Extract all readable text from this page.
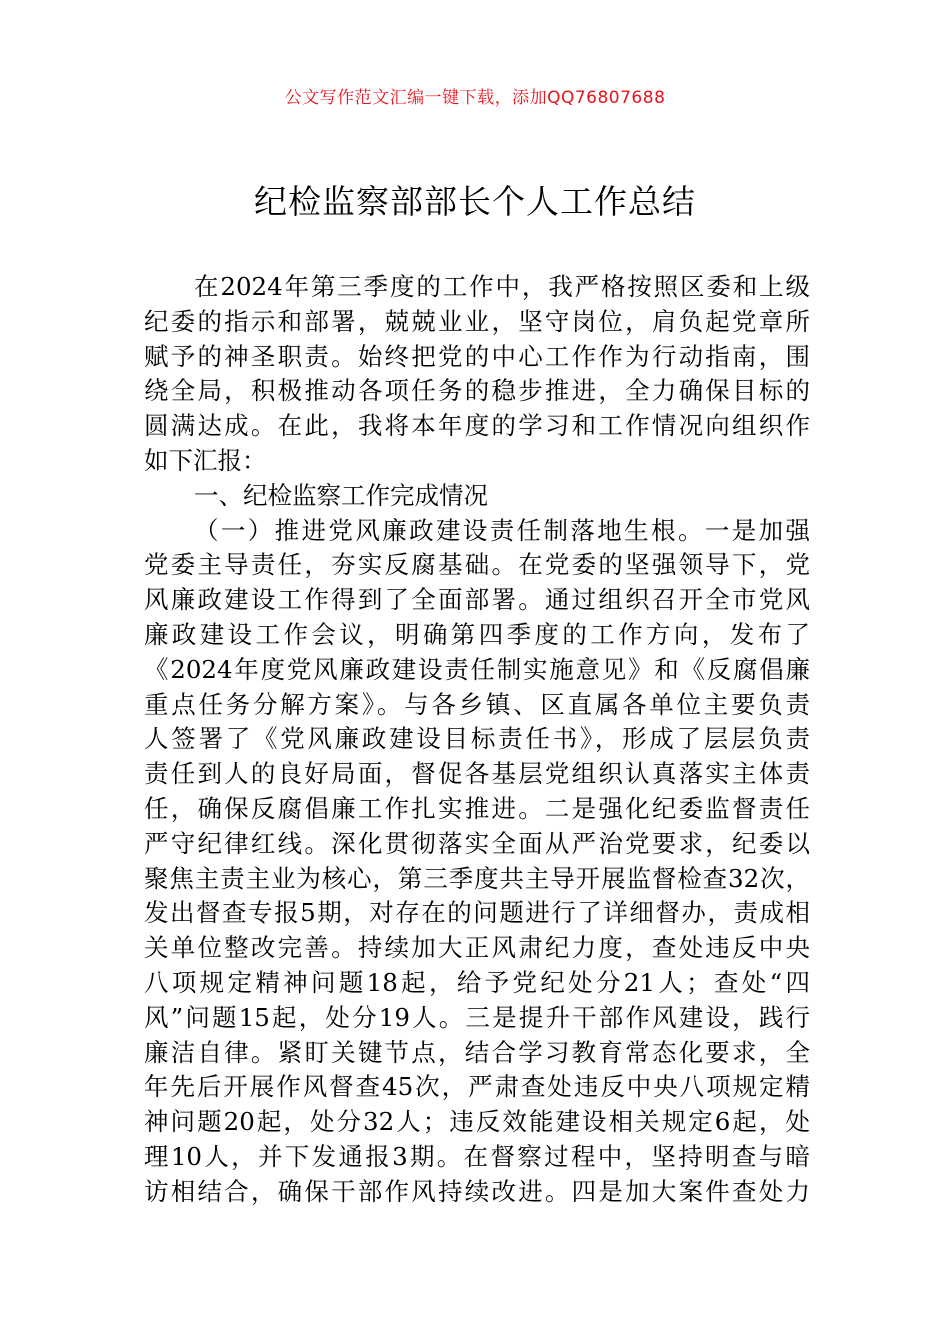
公文写作范文汇编一键下载，添加QQ76807688
纪检监察部部长个人工作总结
在2024年第三季度的工作中，我严格按照区委和上级
纪委的指示和部署，兢兢业业，坚守岗位，肩负起党章所
赋予的神圣职责。始终把党的中心工作作为行动指南，围
绕全局，积极推动各项任务的稳步推进，全力确保目标的
圆满达成。在此，我将本年度的学习和工作情况向组织作
如下汇报：
一、纪检监察工作完成情况
（一）推进党风廉政建设责任制落地生根。一是加强
党委主导责任，夯实反腐基础。在党委的坚强领导下，党
风廉政建设工作得到了全面部署。通过组织召开全市党风
廉政建设工作会议，明确第四季度的工作方向，发布了
《2024年度党风廉政建设责任制实施意见》和《反腐倡廉
重点任务分解方案》。与各乡镇、区直属各单位主要负责
人签署了《党风廉政建设目标责任书》，形成了层层负责
责任到人的良好局面，督促各基层党组织认真落实主体责
任，确保反腐倡廉工作扎实推进。二是强化纪委监督责任
严守纪律红线。深化贯彻落实全面从严治党要求，纪委以
聚焦主责主业为核心，第三季度共主导开展监督检查32次，
发出督查专报5期，对存在的问题进行了详细督办，责成相
关单位整改完善。持续加大正风肃纪力度，查处违反中央
八项规定精神问题18起，给予党纪处分21人；查处“四
风”问题15起，处分19人。三是提升干部作风建设，践行
廉洁自律。紧盯关键节点，结合学习教育常态化要求，全
年先后开展作风督查45次，严肃查处违反中央八项规定精
神问题20起，处分32人；违反效能建设相关规定6起，处
理10人，并下发通报3期。在督察过程中，坚持明查与暗
访相结合，确保干部作风持续改进。四是加大案件查处力
